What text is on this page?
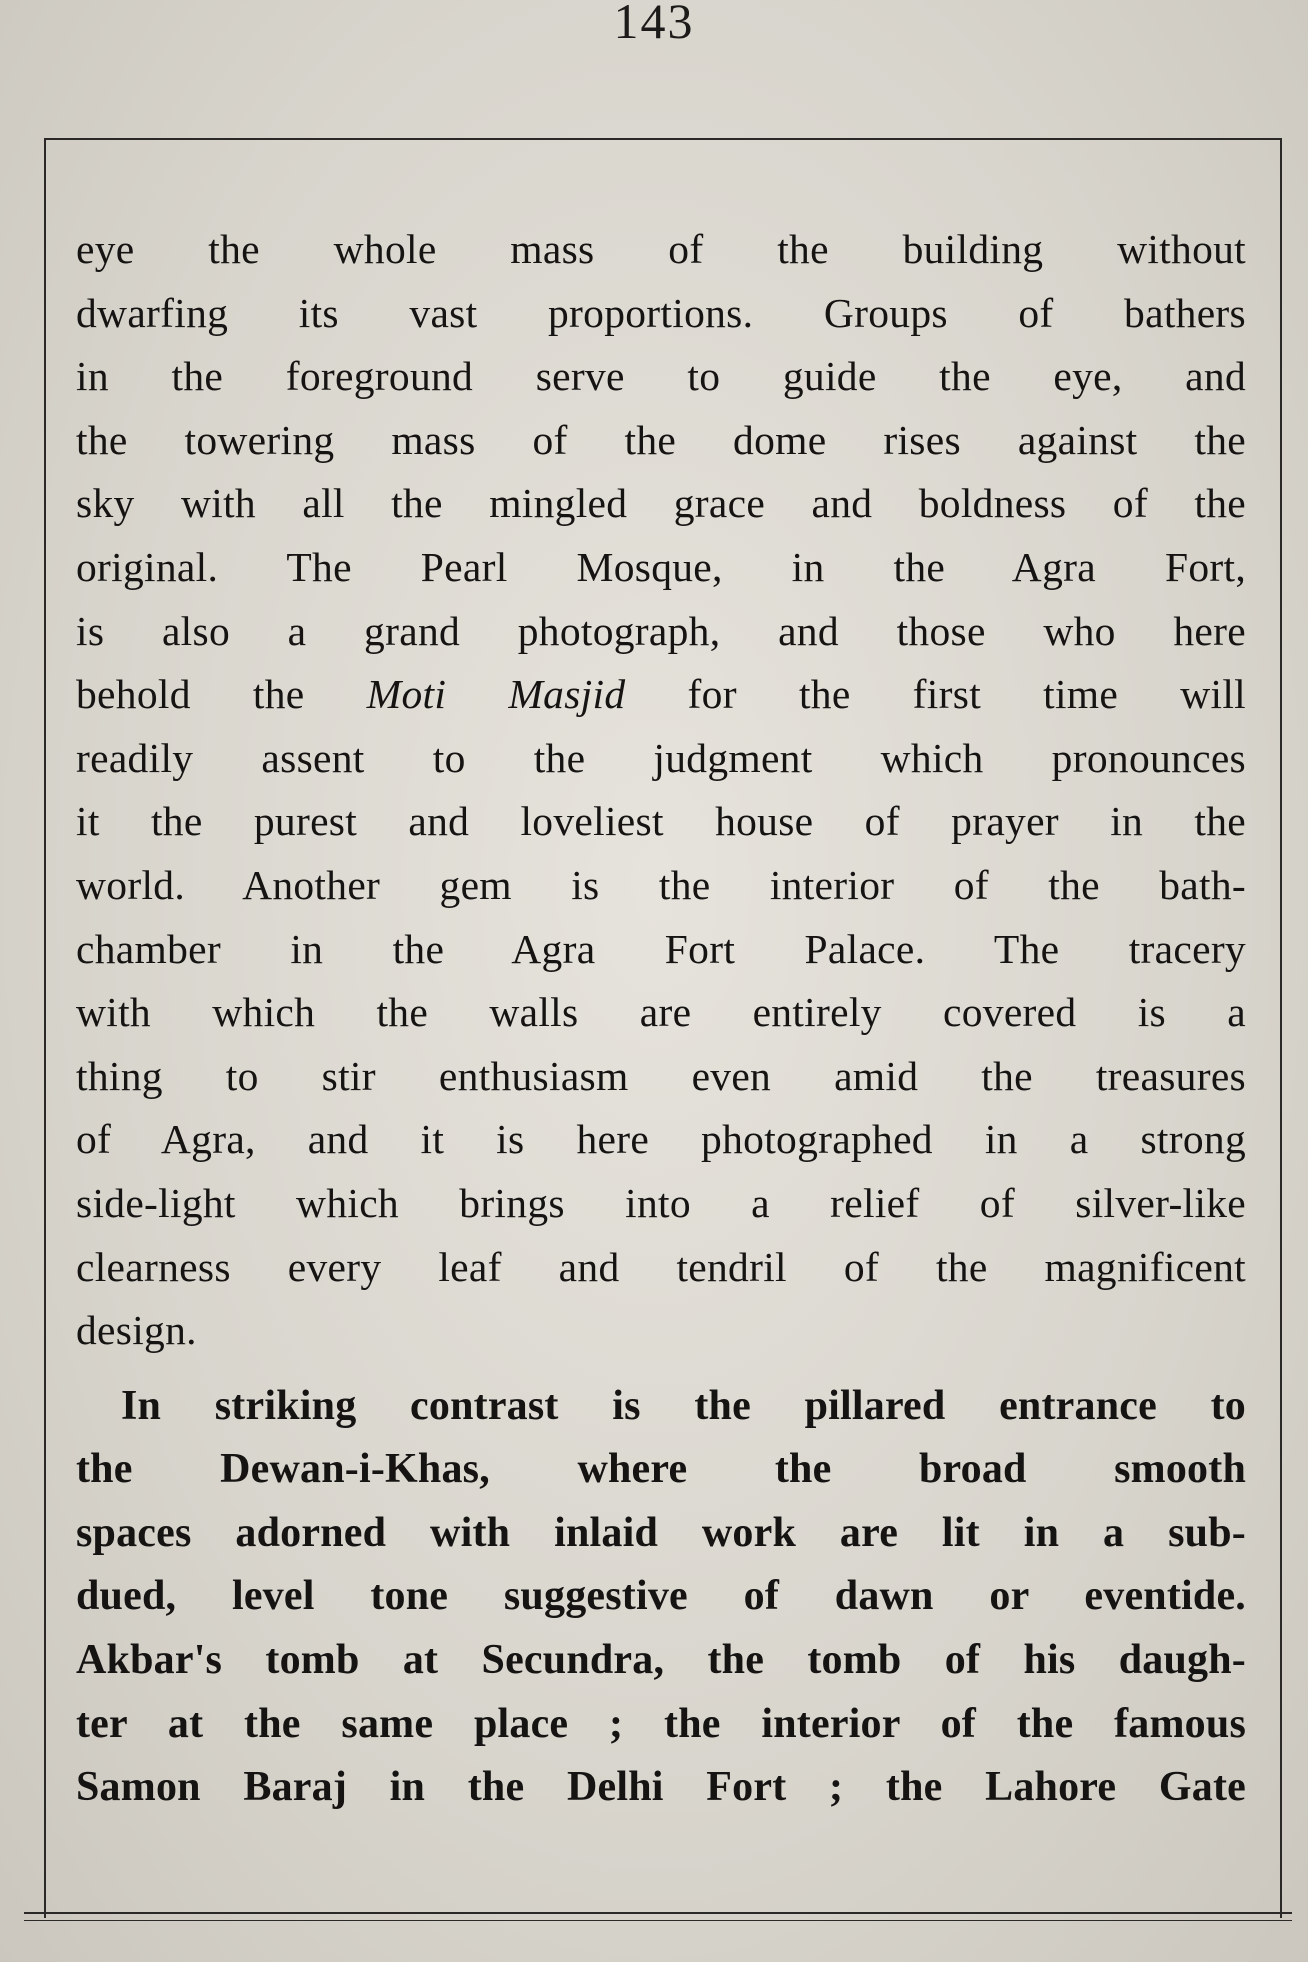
143
eye the whole mass of the building without
dwarfing its vast proportions. Groups of bathers
in the foreground serve to guide the eye, and
the towering mass of the dome rises against the
sky with all the mingled grace and boldness of the
original. The Pearl Mosque, in the Agra Fort,
is also a grand photograph, and those who here
behold the Moti Masjid for the first time will
readily assent to the judgment which pronounces
it the purest and loveliest house of prayer in the
world. Another gem is the interior of the bath-
chamber in the Agra Fort Palace. The tracery
with which the walls are entirely covered is a
thing to stir enthusiasm even amid the treasures
of Agra, and it is here photographed in a strong
side-light which brings into a relief of silver-like
clearness every leaf and tendril of the magnificent
design.
In striking contrast is the pillared entrance to
the Dewan-i-Khas, where the broad smooth
spaces adorned with inlaid work are lit in a sub-
dued, level tone suggestive of dawn or eventide.
Akbar's tomb at Secundra, the tomb of his daugh-
ter at the same place ; the interior of the famous
Samon Baraj in the Delhi Fort ; the Lahore Gate
